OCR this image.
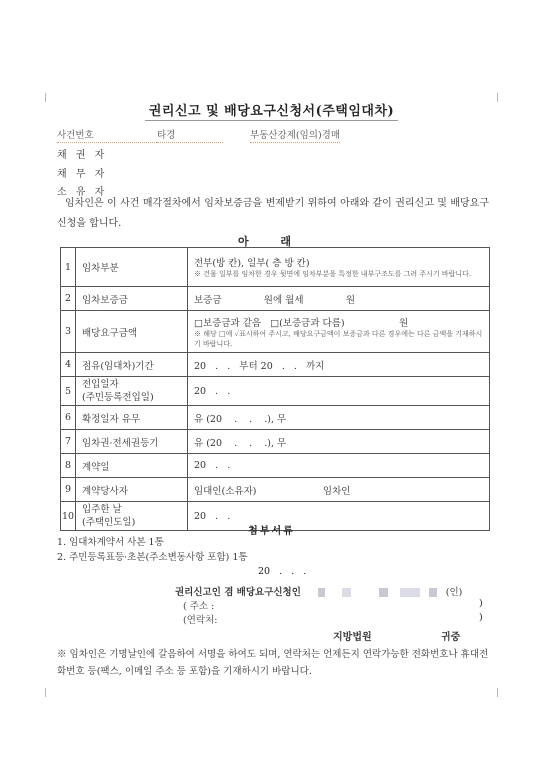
권리신고 및 배당요구신청서(주택임대차)
사건번호	타경	부동산강제(임의)경매
채 권 자
채 무 자
소 유 자
임차인은 이 사건 매각절차에서 임차보증금을 변제받기 위하여 아래와 같이 권리신고 및 배당요구신청을 합니다.
아 래
1	임차부분	전부(방 칸), 일부( 층 방 칸)
※ 건물 일부를 임차한 경우 뒷면에 임차부분을 특정한 내부구조도를 그려 주시기 바랍니다.

2	임차보증금	보증금              원에 월세              원
3	배당요구금액	□보증금과 같음   □(보증금과 다름)                  원
※ 해당 □에 ✓표시하여 주시고, 배당요구금액이 보증금과 다른 경우에는 다른 금액을 기재하시기 바랍니다.

4	점유(임대차)기간	20   .   .   부터 20   .   .   까지
5	전입일자
(주민등록전입일)	20   .   .
6	확정일자 유무	유 (20    .    .    .), 무
7	임차권·전세권등기	유 (20    .    .    .), 무
8	계약일	20   .   .
9	계약당사자	임대인(소유자)                      임차인
10	입주한 날
(주택인도일)	20   .   .
첨부서류
1. 임대차계약서 사본 1통
2. 주민등록표등·초본(주소변동사항 포함) 1통
20   .   .   .
권리신고인 겸 배당요구신청인	(인)
( 주소 :	)
(연락처:	)
지방법원	귀중
※ 임차인은 기명날인에 갈음하여 서명을 하여도 되며, 연락처는 언제든지 연락가능한 전화번호나 휴대전화번호 등(팩스, 이메일 주소 등 포함)을 기재하시기 바랍니다.
